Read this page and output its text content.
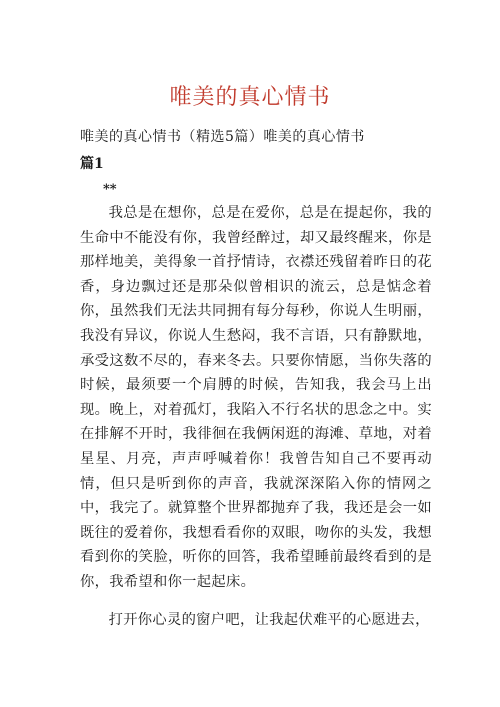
唯美的真心情书
唯美的真心情书（精选5篇）唯美的真心情书
篇1
**

我总是在想你，总是在爱你，总是在提起你，我的生命中不能没有你，我曾经醉过，却又最终醒来，你是那样地美，美得象一首抒情诗，衣襟还残留着昨日的花香，身边飘过还是那朵似曾相识的流云，总是惦念着你，虽然我们无法共同拥有每分每秒，你说人生明丽，我没有异议，你说人生愁闷，我不言语，只有静默地，承受这数不尽的，春来冬去。只要你情愿，当你失落的时候，最须要一个肩膊的时候，告知我，我会马上出现。晚上，对着孤灯，我陷入不行名状的思念之中。实在排解不开时，我徘徊在我俩闲逛的海滩、草地，对着星星、月亮，声声呼喊着你！我曾告知自己不要再动情，但只是听到你的声音，我就深深陷入你的情网之中，我完了。就算整个世界都抛弃了我，我还是会一如既往的爱着你，我想看看你的双眼，吻你的头发，我想看到你的笑脸，听你的回答，我希望睡前最终看到的是你，我希望和你一起起床。

打开你心灵的窗户吧，让我起伏难平的心愿进去，
